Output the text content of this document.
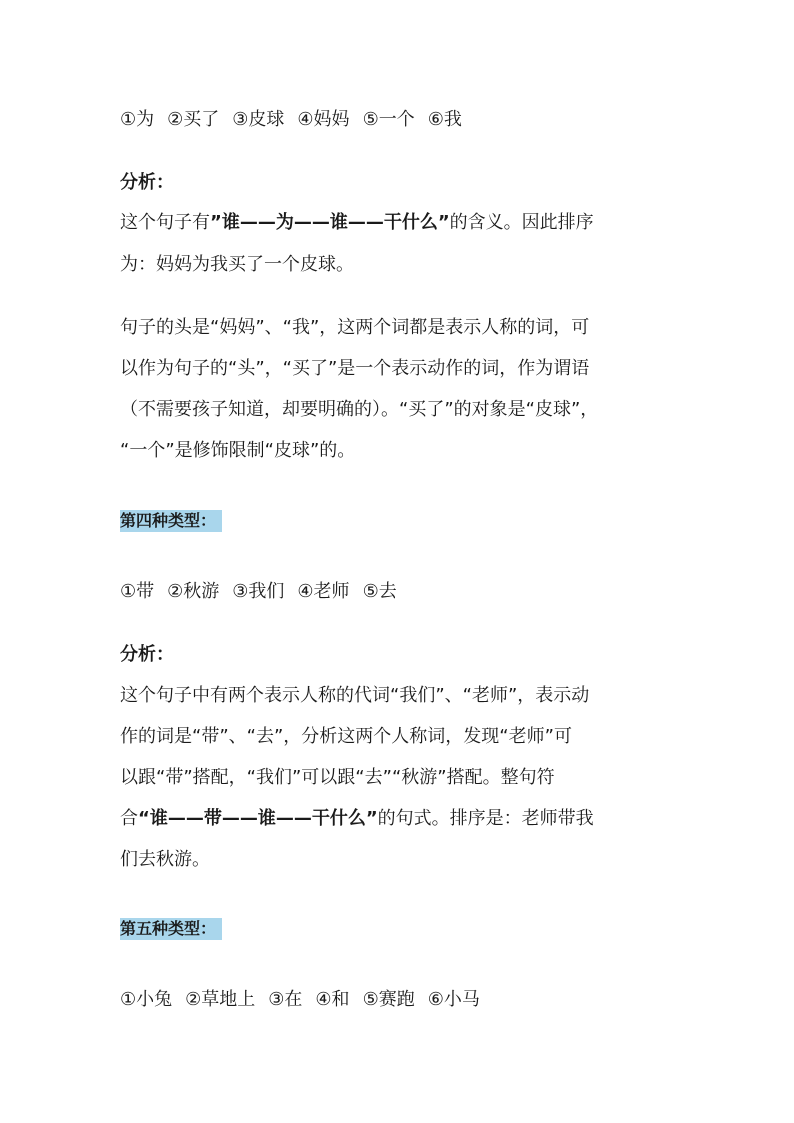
①为 ②买了 ③皮球 ④妈妈 ⑤一个 ⑥我

分析：

这个句子有”谁——为——谁——干什么”的含义。因此排序

为：妈妈为我买了一个皮球。

句子的头是“妈妈”、“我”，这两个词都是表示人称的词，可

以作为句子的“头”，“买了”是一个表示动作的词，作为谓语

（不需要孩子知道，却要明确的）。“买了”的对象是“皮球”，

“一个”是修饰限制“皮球”的。

第四种类型：

①带 ②秋游 ③我们 ④老师 ⑤去

分析：

这个句子中有两个表示人称的代词“我们”、“老师”，表示动

作的词是“带”、“去”，分析这两个人称词，发现“老师”可

以跟“带”搭配，“我们”可以跟“去”“秋游”搭配。整句符

合“谁——带——谁——干什么”的句式。排序是：老师带我

们去秋游。

第五种类型：

①小兔 ②草地上 ③在 ④和 ⑤赛跑 ⑥小马
